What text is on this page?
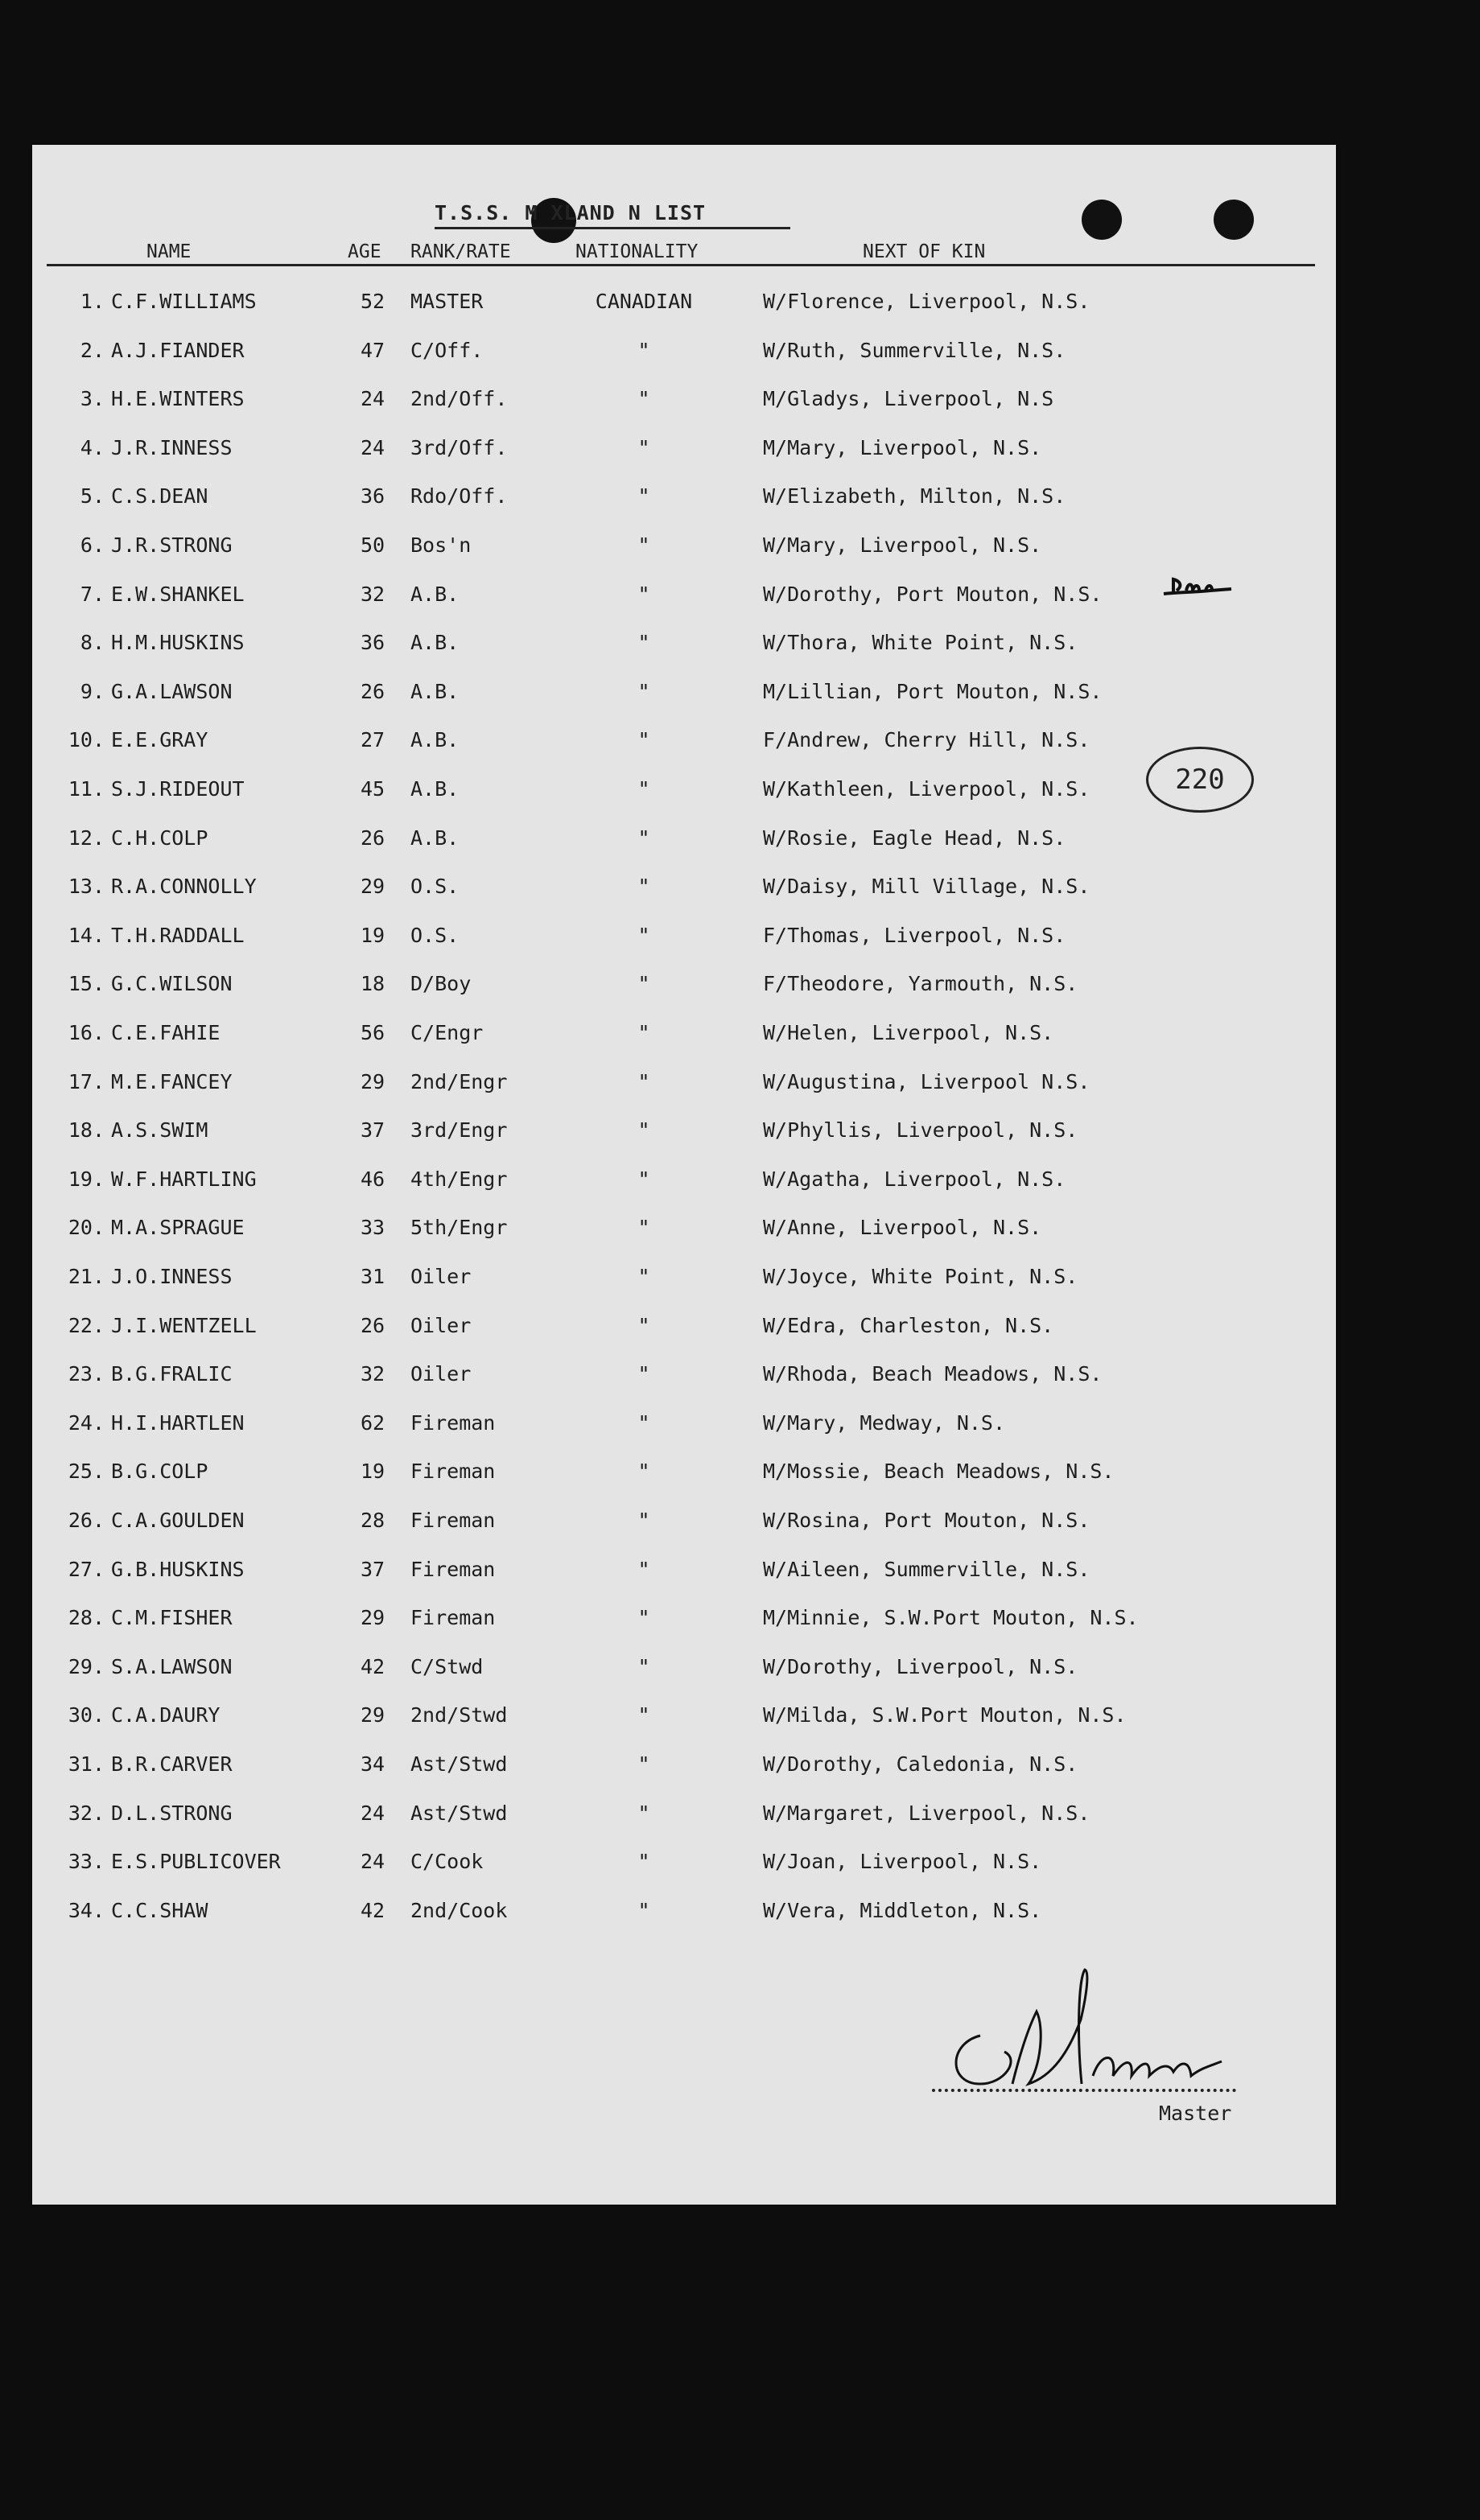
T.S.S. M XLAND N LIST
NAME	AGE RANK/RATE	NATIONALITY	NEXT OF KIN
1. C.F.WILLIAMS	52 MASTER	CANADIAN	W/Florence, Liverpool, N.S.
2. A.J.FIANDER	47 C/Off.	"	W/Ruth, Summerville, N.S.
3. H.E.WINTERS	24 2nd/Off.	"	M/Gladys, Liverpool, N.S
4. J.R.INNESS	24 3rd/Off.	"	M/Mary, Liverpool, N.S.
5. C.S.DEAN	36 Rdo/Off.	"	W/Elizabeth, Milton, N.S.
6. J.R.STRONG	50 Bos'n	"	W/Mary, Liverpool, N.S.
7. E.W.SHANKEL	32 A.B.	"	W/Dorothy, Port Mouton, N.S.
8. H.M.HUSKINS	36 A.B.	"	W/Thora, White Point, N.S.
9. G.A.LAWSON	26 A.B.	"	M/Lillian, Port Mouton, N.S.
10. E.E.GRAY	27 A.B.	"	F/Andrew, Cherry Hill, N.S.
11. S.J.RIDEOUT	45 A.B.	"	W/Kathleen, Liverpool, N.S.
12. C.H.COLP	26 A.B.	"	W/Rosie, Eagle Head, N.S.
13. R.A.CONNOLLY	29 O.S.	"	W/Daisy, Mill Village, N.S.
14. T.H.RADDALL	19 O.S.	"	F/Thomas, Liverpool, N.S.
15. G.C.WILSON	18 D/Boy	"	F/Theodore, Yarmouth, N.S.
16. C.E.FAHIE	56 C/Engr	"	W/Helen, Liverpool, N.S.
17. M.E.FANCEY	29 2nd/Engr	"	W/Augustina, Liverpool N.S.
18. A.S.SWIM	37 3rd/Engr	"	W/Phyllis, Liverpool, N.S.
19. W.F.HARTLING	46 4th/Engr	"	W/Agatha, Liverpool, N.S.
20. M.A.SPRAGUE	33 5th/Engr	"	W/Anne, Liverpool, N.S.
21. J.O.INNESS	31 Oiler	"	W/Joyce, White Point, N.S.
22. J.I.WENTZELL	26 Oiler	"	W/Edra, Charleston, N.S.
23. B.G.FRALIC	32 Oiler	"	W/Rhoda, Beach Meadows, N.S.
24. H.I.HARTLEN	62 Fireman	"	W/Mary, Medway, N.S.
25. B.G.COLP	19 Fireman	"	M/Mossie, Beach Meadows, N.S.
26. C.A.GOULDEN	28 Fireman	"	W/Rosina, Port Mouton, N.S.
27. G.B.HUSKINS	37 Fireman	"	W/Aileen, Summerville, N.S.
28. C.M.FISHER	29 Fireman	"	M/Minnie, S.W.Port Mouton, N.S.
29. S.A.LAWSON	42 C/Stwd	"	W/Dorothy, Liverpool, N.S.
30. C.A.DAURY	29 2nd/Stwd	"	W/Milda, S.W.Port Mouton, N.S.
31. B.R.CARVER	34 Ast/Stwd	"	W/Dorothy, Caledonia, N.S.
32. D.L.STRONG	24 Ast/Stwd	"	W/Margaret, Liverpool, N.S.
33. E.S.PUBLICOVER	24 C/Cook	"	W/Joan, Liverpool, N.S.
34. C.C.SHAW	42 2nd/Cook	"	W/Vera, Middleton, N.S.
220
Master
